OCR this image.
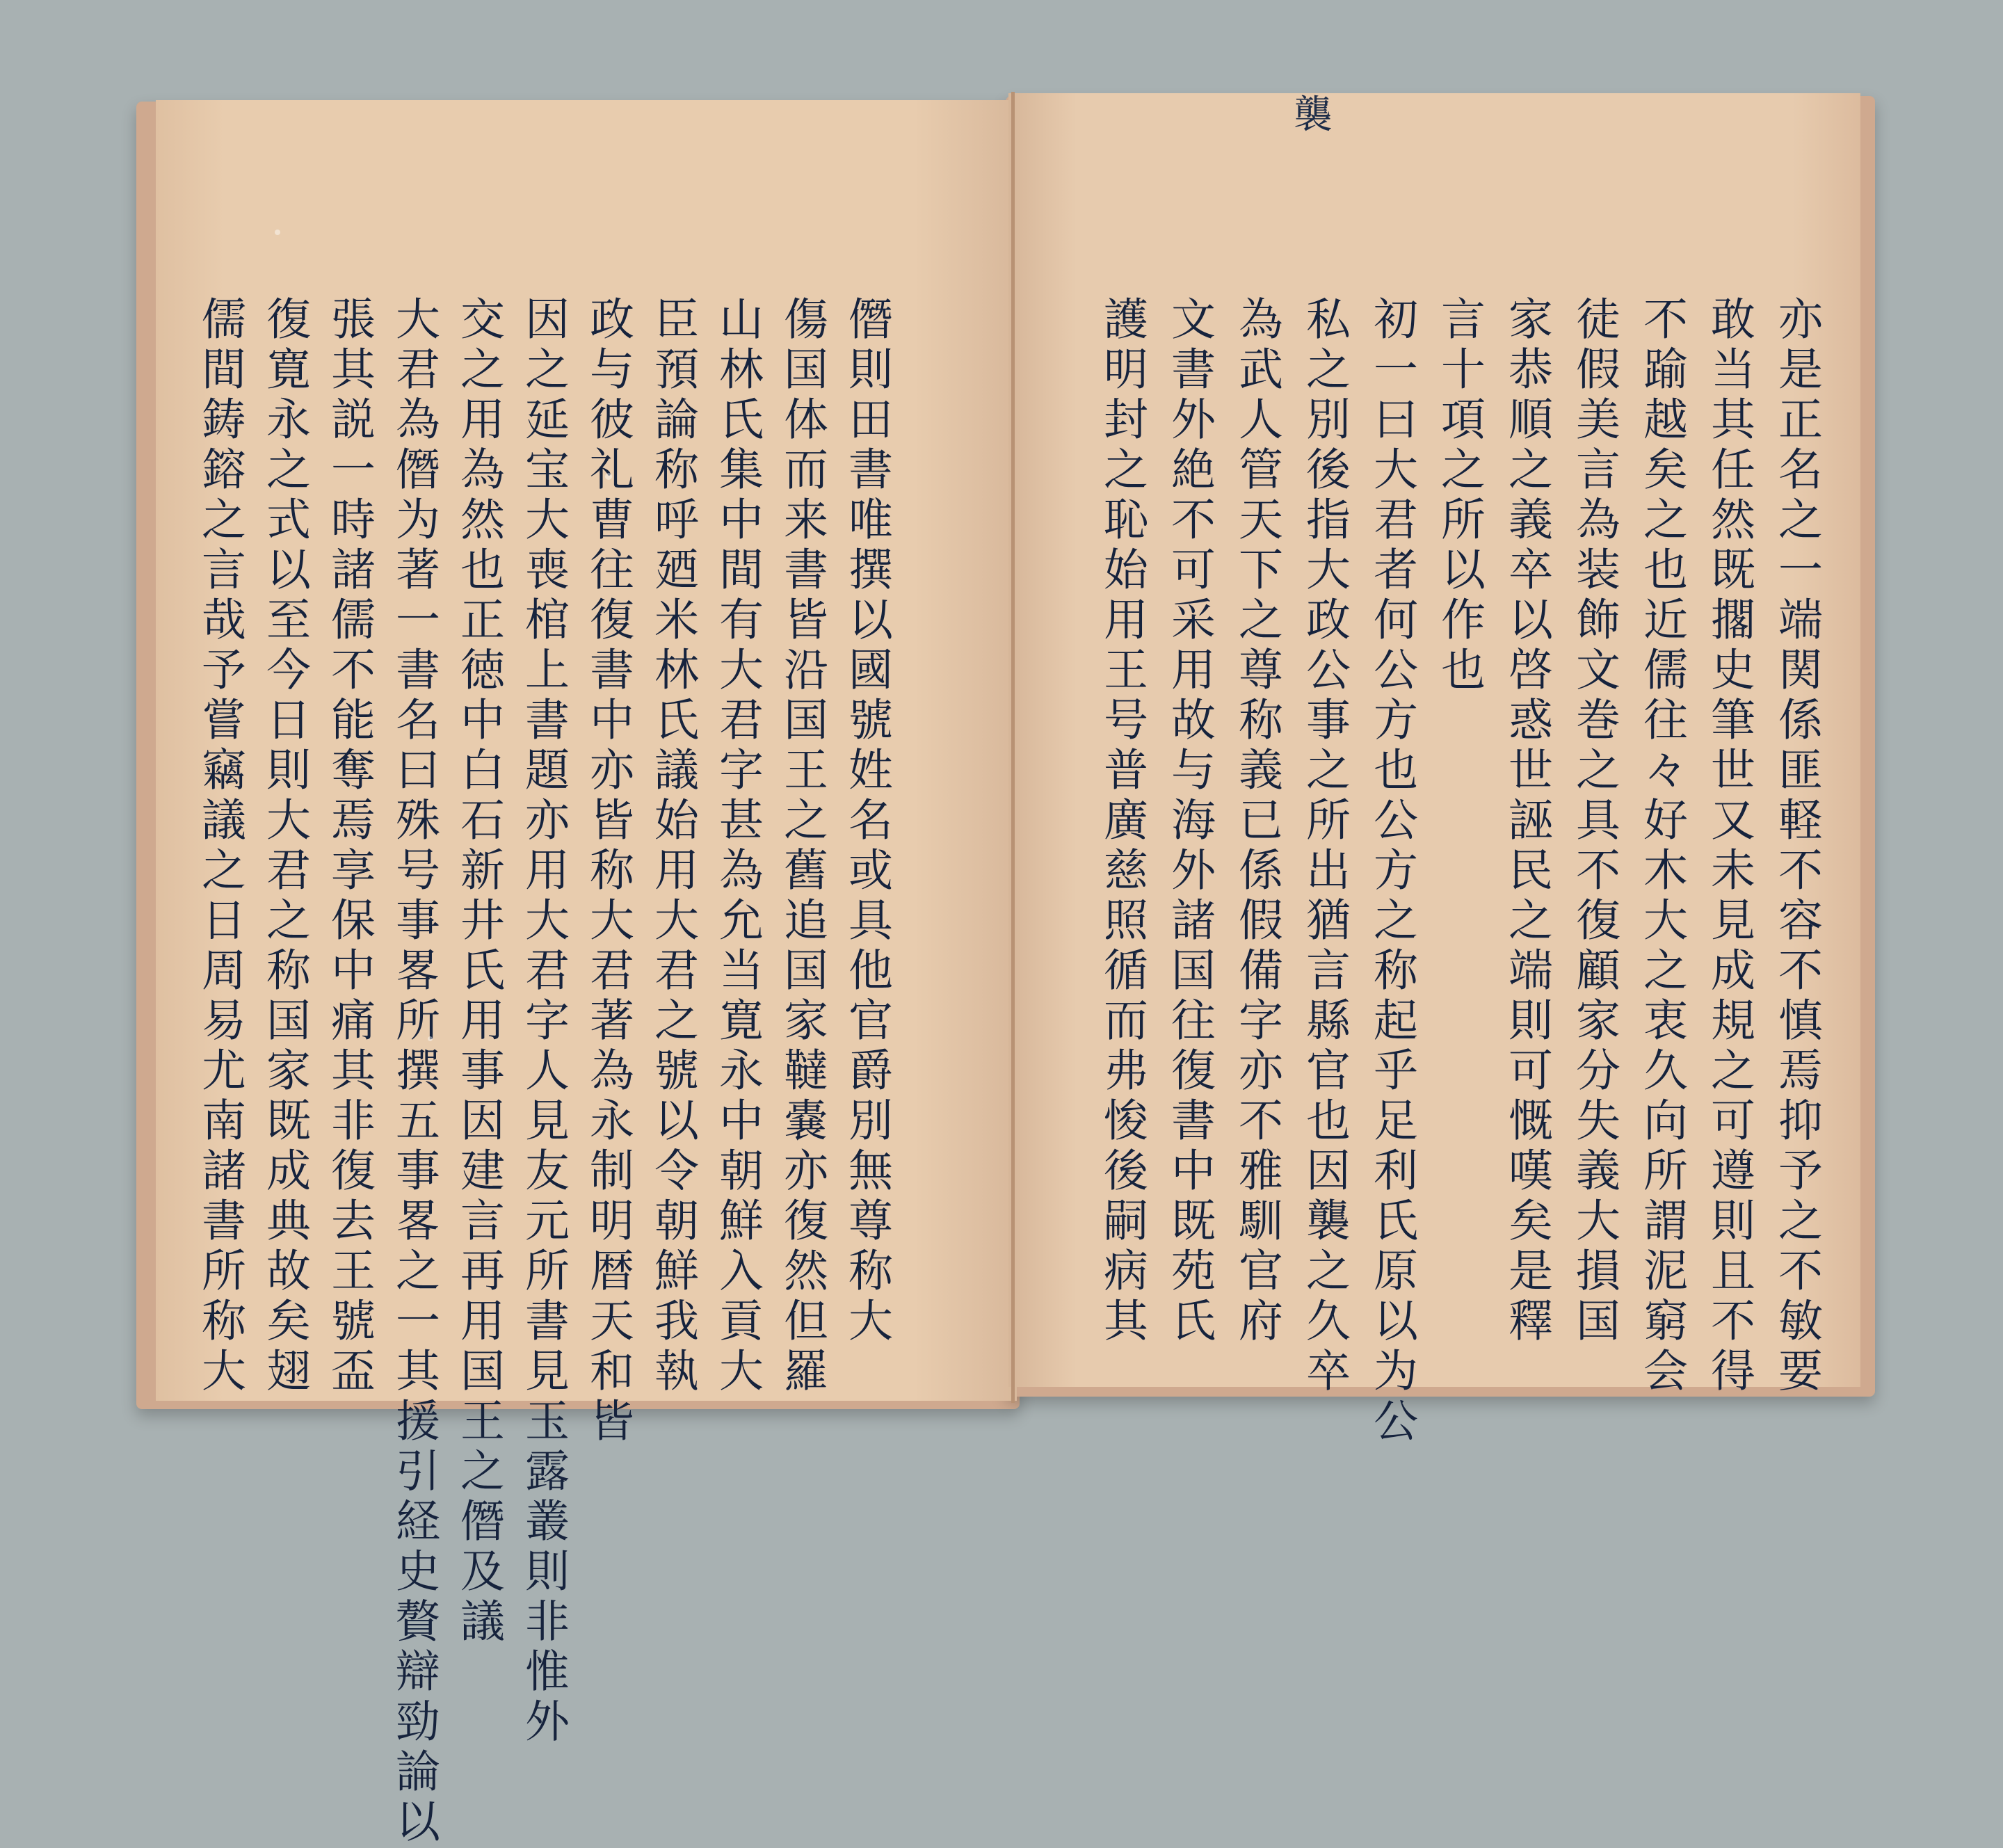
襲
亦是正名之一端関係匪軽不容不慎焉抑予之不敏要
敢当其任然既擱史筆世又未見成規之可遵則且不得
不踰越矣之也近儒往々好木大之衷久向所謂泥窮会
徒假美言為装飾文巻之具不復顧家分失義大損国
家恭順之義卒以啓惑世誣民之端則可慨嘆矣是釋
言十項之所以作也
初一曰大君者何公方也公方之称起乎足利氏原以为公
私之別後指大政公事之所出猶言縣官也因襲之久卒
為武人管天下之尊称義已係假備字亦不雅馴官府
文書外絶不可采用故与海外諸国往復書中既苑氏
護明封之恥始用王号普廣慈照循而弗悛後嗣病其
僭則田書唯撰以國號姓名或具他官爵別無尊称大
傷国体而来書皆沿国王之舊追国家韃嚢亦復然但羅
山林氏集中間有大君字甚為允当寛永中朝鮮入貢大
臣預論称呼廼米林氏議始用大君之號以令朝鮮我執
政与彼礼曹往復書中亦皆称大君著為永制明暦天和皆
因之延宝大喪棺上書題亦用大君字人見友元所書見玉露叢則非惟外
交之用為然也正徳中白石新井氏用事因建言再用国王之僭及議
大君為僭为著一書名曰殊号事畧所撰五事畧之一其援引経史贅辯勁論以
張其説一時諸儒不能奪焉享保中痛其非復去王號盃
復寛永之式以至今日則大君之称国家既成典故矣翅
儒間鋳鎔之言哉予嘗竊議之日周易尤南諸書所称大
